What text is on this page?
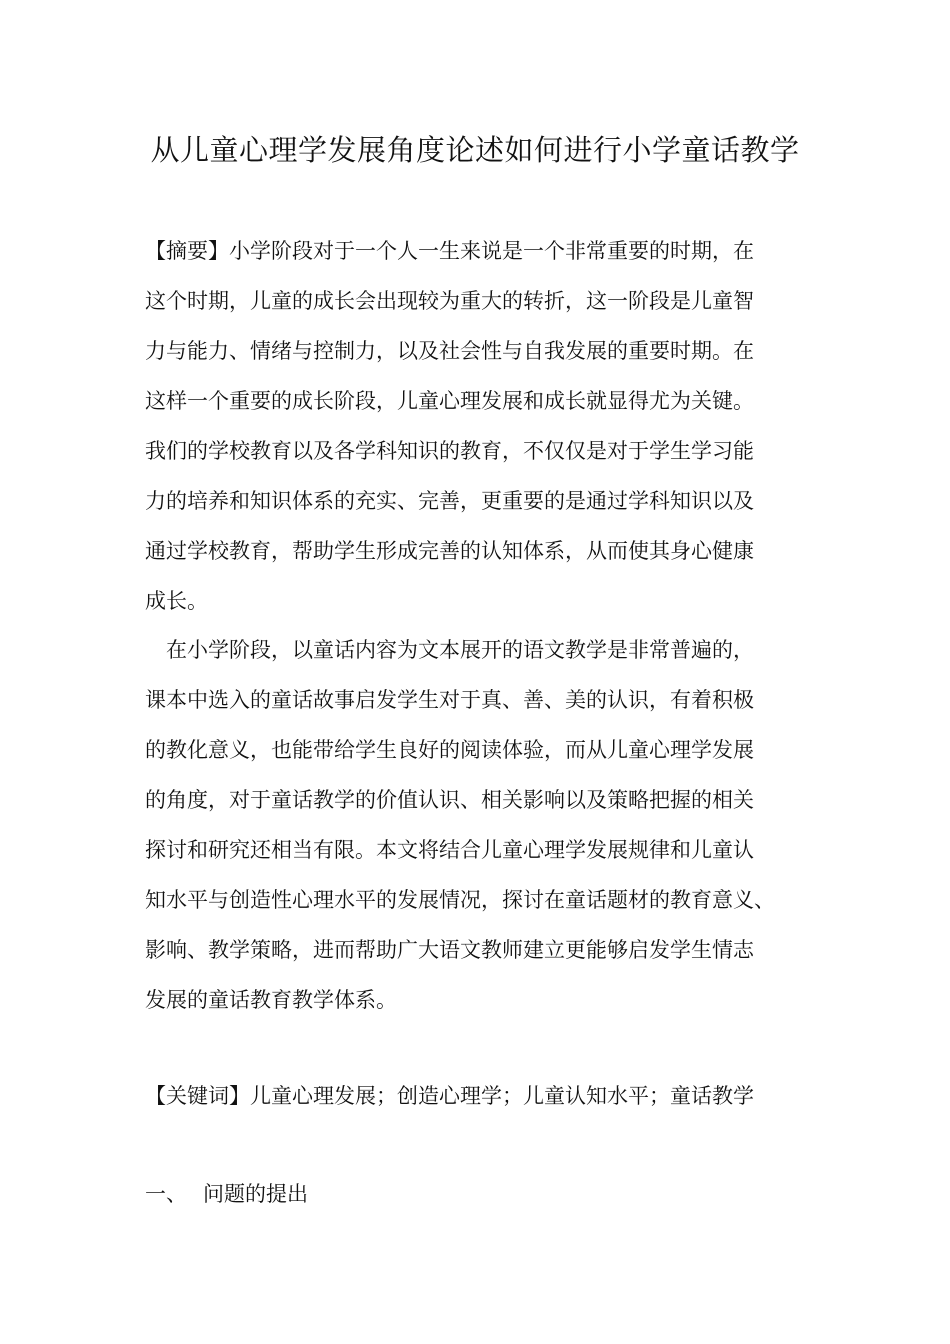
从儿童心理学发展角度论述如何进行小学童话教学
【摘要】小学阶段对于一个人一生来说是一个非常重要的时期，在
这个时期，儿童的成长会出现较为重大的转折，这一阶段是儿童智
力与能力、情绪与控制力，以及社会性与自我发展的重要时期。在
这样一个重要的成长阶段，儿童心理发展和成长就显得尤为关键。
我们的学校教育以及各学科知识的教育，不仅仅是对于学生学习能
力的培养和知识体系的充实、完善，更重要的是通过学科知识以及
通过学校教育，帮助学生形成完善的认知体系，从而使其身心健康
成长。
在小学阶段，以童话内容为文本展开的语文教学是非常普遍的，
课本中选入的童话故事启发学生对于真、善、美的认识，有着积极
的教化意义，也能带给学生良好的阅读体验，而从儿童心理学发展
的角度，对于童话教学的价值认识、相关影响以及策略把握的相关
探讨和研究还相当有限。本文将结合儿童心理学发展规律和儿童认
知水平与创造性心理水平的发展情况，探讨在童话题材的教育意义、
影响、教学策略，进而帮助广大语文教师建立更能够启发学生情志
发展的童话教育教学体系。
【关键词】儿童心理发展；创造心理学；儿童认知水平；童话教学
一、 问题的提出
